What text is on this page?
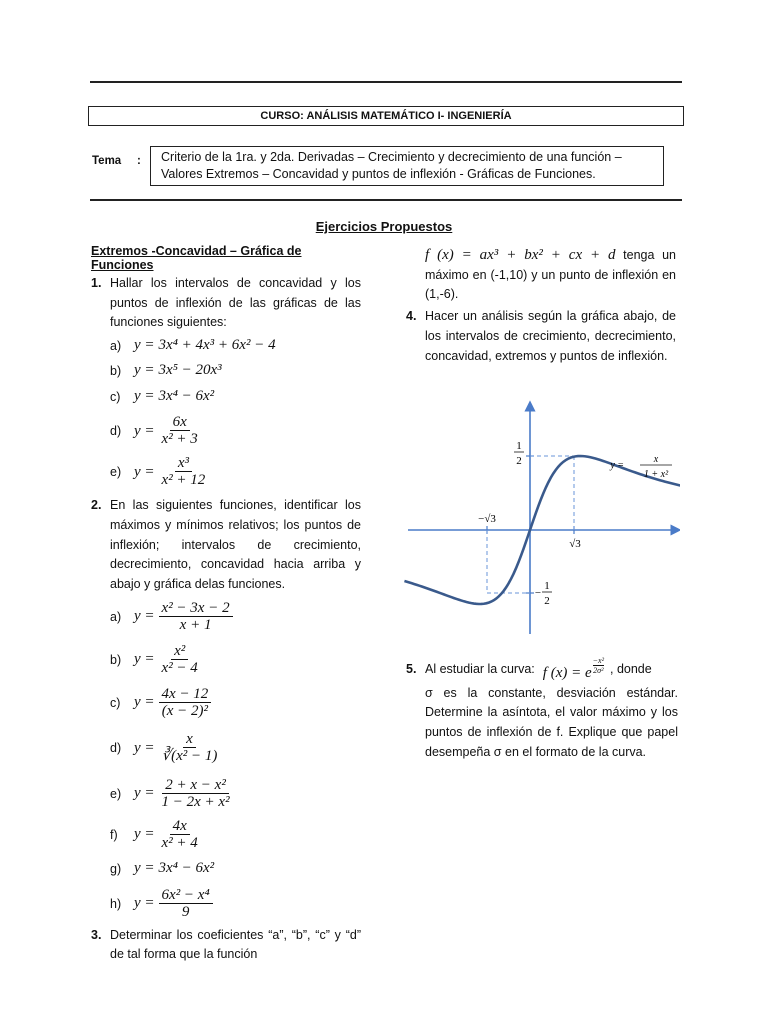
CURSO: ANÁLISIS MATEMÁTICO I- INGENIERÍA
Tema : Criterio de la 1ra. y 2da. Derivadas – Crecimiento y decrecimiento de una función –
Valores Extremos – Concavidad y puntos de inflexión - Gráficas de Funciones.
Ejercicios Propuestos
Extremos -Concavidad – Gráfica de Funciones
1. Hallar los intervalos de concavidad y los puntos de inflexión de las gráficas de las funciones siguientes:
a) y = 3x⁴ + 4x³ + 6x² − 4
b) y = 3x⁵ − 20x³
c) y = 3x⁴ − 6x²
d) $y = \frac{6x}{\text{x² + 3}}$
e) $y = \frac{\text{x³}}{\text{x² + 12}}$
2. En las siguientes funciones, identificar los máximos y mínimos relativos; los puntos de inflexión; intervalos de crecimiento, decrecimiento, concavidad hacia arriba y abajo y gráfica delas funciones.
a) $y = \frac{\text{x² − 3x − 2}}{x + 1}$
b) $y = \frac{\text{x²}}{\text{x² − 4}}$
c) $y = \frac{4x - 12}{\text{(x − 2)²}}$
d) $y = \frac{x}{\text{∛(x² − 1)}}$
e) $y = \frac{\text{2 + x − x²}}{\text{1 − 2x + x²}}$
f)	$y = \frac{4x}{\text{x² + 4}}$
g) y = 3x⁴ − 6x²
h) $y = \frac{\text{6x² − x⁴}}{9}$
3. Determinar los coeficientes “a”, “b”, “c” y “d” de tal forma que la función
f (x) = ax³ + bx² + cx + d tenga un máximo en (-1,10) y un punto de inflexión en (1,-6).
4. Hacer un análisis según la gráfica abajo, de los intervalos de crecimiento, decrecimiento, concavidad, extremos y puntos de inflexión.
1
2
−
1
2
−√3
√3
y =
x
1 + x²
5. Al estudiar la curva: f (x) = e $\frac{\text{−x²}}{\text{2σ²}}$ , donde
σ es la constante, desviación estándar. Determine la asíntota, el valor máximo y los puntos de inflexión de f. Explique que papel desempeña σ en el formato de la curva.
